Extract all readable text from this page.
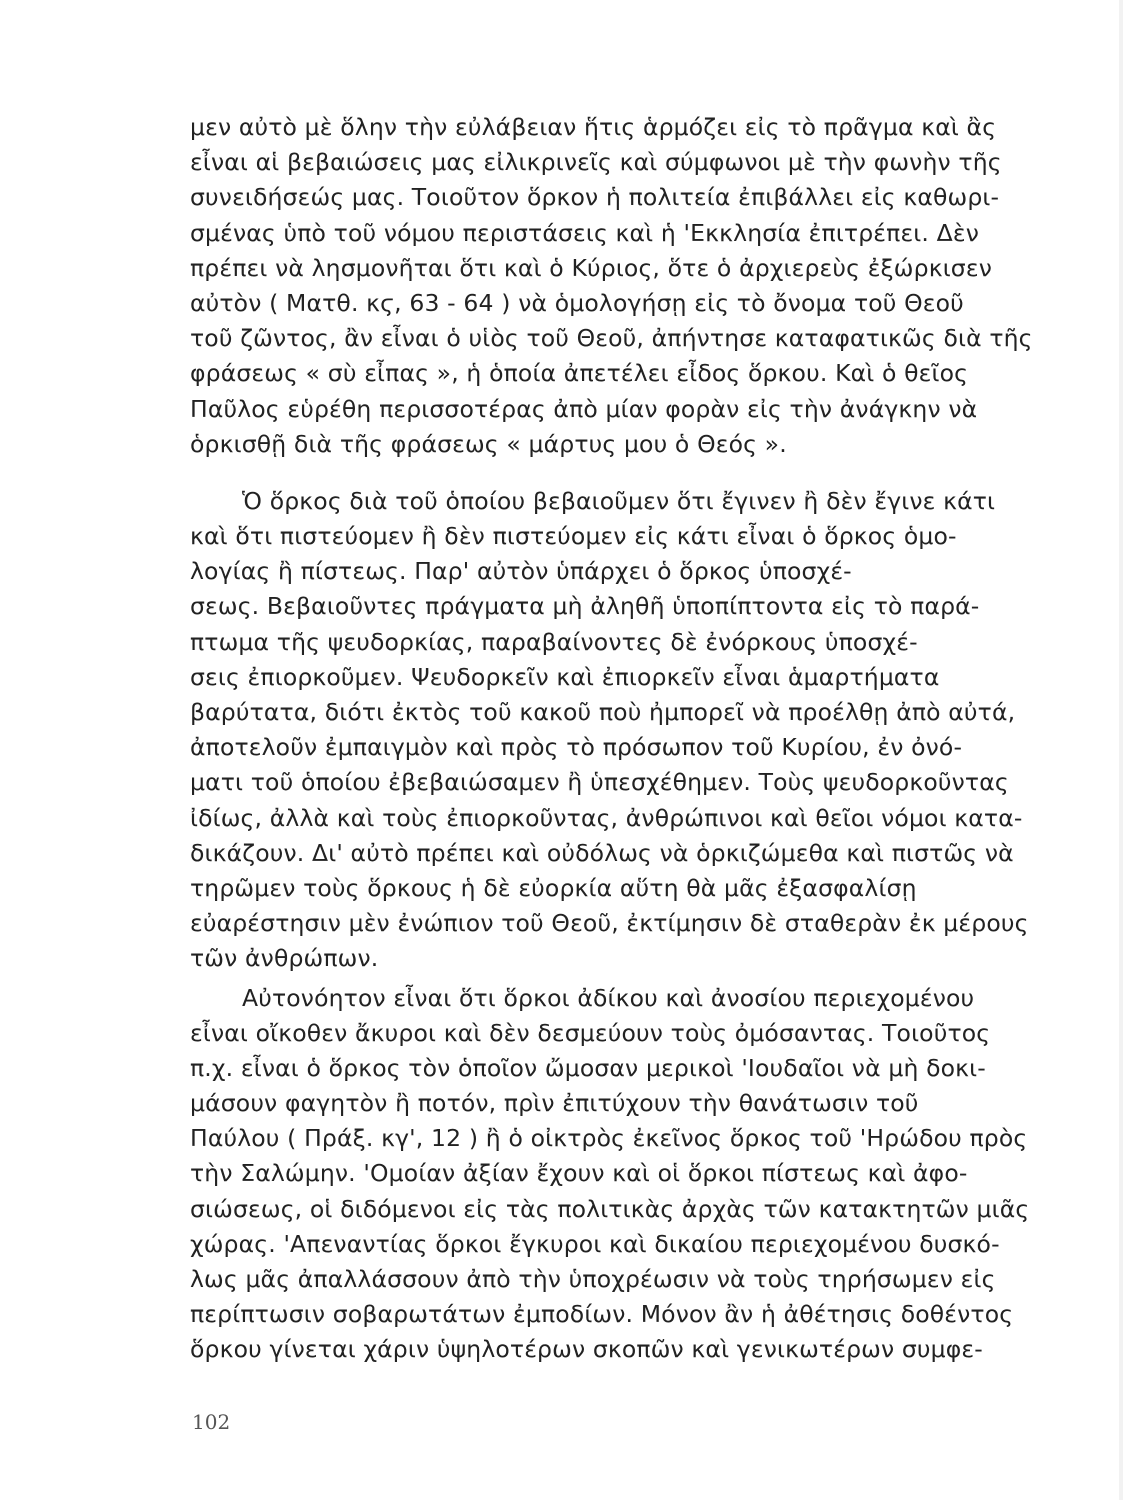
μεν αὐτὸ μὲ ὅλην τὴν εὐλάβειαν ἥτις ἁρμόζει εἰς τὸ πρᾶγμα καὶ ἂς
εἶναι αἱ βεβαιώσεις μας εἰλικρινεῖς καὶ σύμφωνοι μὲ τὴν φωνὴν τῆς
συνειδήσεώς μας. Τοιοῦτον ὅρκον ἡ πολιτεία ἐπιβάλλει εἰς καθωρι-
σμένας ὑπὸ τοῦ νόμου περιστάσεις καὶ ἡ 'Εκκλησία ἐπιτρέπει. Δὲν
πρέπει νὰ λησμονῆται ὅτι καὶ ὁ Κύριος, ὅτε ὁ ἀρχιερεὺς ἐξώρκισεν
αὐτὸν ( Ματθ. κϛ, 63 - 64 ) νὰ ὁμολογήσῃ εἰς τὸ ὄνομα τοῦ Θεοῦ
τοῦ ζῶντος, ἂν εἶναι ὁ υἱὸς τοῦ Θεοῦ, ἀπήντησε καταφατικῶς διὰ τῆς
φράσεως « σὺ εἶπας », ἡ ὁποία ἀπετέλει εἶδος ὅρκου. Καὶ ὁ θεῖος
Παῦλος εὑρέθη περισσοτέρας ἀπὸ μίαν φορὰν εἰς τὴν ἀνάγκην νὰ
ὁρκισθῇ διὰ τῆς φράσεως « μάρτυς μου ὁ Θεός ».
Ὁ ὅρκος διὰ τοῦ ὁποίου βεβαιοῦμεν ὅτι ἔγινεν ἢ δὲν ἔγινε κάτι
καὶ ὅτι πιστεύομεν ἢ δὲν πιστεύομεν εἰς κάτι εἶναι ὁ ὅρκος ὁμο-
λογίας ἢ πίστεως. Παρ' αὐτὸν ὑπάρχει ὁ ὅρκος ὑποσχέ-
σεως. Βεβαιοῦντες πράγματα μὴ ἀληθῆ ὑποπίπτοντα εἰς τὸ παρά-
πτωμα τῆς ψευδορκίας, παραβαίνοντες δὲ ἐνόρκους ὑποσχέ-
σεις ἐπιορκοῦμεν. Ψευδορκεῖν καὶ ἐπιορκεῖν εἶναι ἁμαρτήματα
βαρύτατα, διότι ἐκτὸς τοῦ κακοῦ ποὺ ἠμπορεῖ νὰ προέλθῃ ἀπὸ αὐτά,
ἀποτελοῦν ἐμπαιγμὸν καὶ πρὸς τὸ πρόσωπον τοῦ Κυρίου, ἐν ὀνό-
ματι τοῦ ὁποίου ἐβεβαιώσαμεν ἢ ὑπεσχέθημεν. Τοὺς ψευδορκοῦντας
ἰδίως, ἀλλὰ καὶ τοὺς ἐπιορκοῦντας, ἀνθρώπινοι καὶ θεῖοι νόμοι κατα-
δικάζουν. Δι' αὐτὸ πρέπει καὶ οὐδόλως νὰ ὁρκιζώμεθα καὶ πιστῶς νὰ
τηρῶμεν τοὺς ὅρκους ἡ δὲ εὐορκία αὕτη θὰ μᾶς ἐξασφαλίσῃ
εὐαρέστησιν μὲν ἐνώπιον τοῦ Θεοῦ, ἐκτίμησιν δὲ σταθερὰν ἐκ μέρους
τῶν ἀνθρώπων.
Αὐτονόητον εἶναι ὅτι ὅρκοι ἀδίκου καὶ ἀνοσίου περιεχομένου
εἶναι οἴκοθεν ἄκυροι καὶ δὲν δεσμεύουν τοὺς ὀμόσαντας. Τοιοῦτος
π.χ. εἶναι ὁ ὅρκος τὸν ὁποῖον ὤμοσαν μερικοὶ 'Ιουδαῖοι νὰ μὴ δοκι-
μάσουν φαγητὸν ἢ ποτόν, πρὶν ἐπιτύχουν τὴν θανάτωσιν τοῦ
Παύλου ( Πράξ. κγ', 12 ) ἢ ὁ οἰκτρὸς ἐκεῖνος ὅρκος τοῦ 'Ηρώδου πρὸς
τὴν Σαλώμην. 'Ομοίαν ἀξίαν ἔχουν καὶ οἱ ὅρκοι πίστεως καὶ ἀφο-
σιώσεως, οἱ διδόμενοι εἰς τὰς πολιτικὰς ἀρχὰς τῶν κατακτητῶν μιᾶς
χώρας. 'Απεναντίας ὅρκοι ἔγκυροι καὶ δικαίου περιεχομένου δυσκό-
λως μᾶς ἀπαλλάσσουν ἀπὸ τὴν ὑποχρέωσιν νὰ τοὺς τηρήσωμεν εἰς
περίπτωσιν σοβαρωτάτων ἐμποδίων. Μόνον ἂν ἡ ἀθέτησις δοθέντος
ὅρκου γίνεται χάριν ὑψηλοτέρων σκοπῶν καὶ γενικωτέρων συμφε-
102
